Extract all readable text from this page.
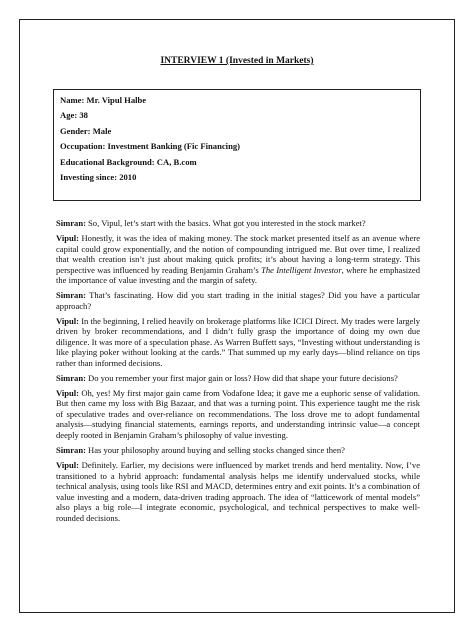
INTERVIEW 1 (Invested in Markets)
Name: Mr. Vipul Halbe
Age: 38
Gender: Male
Occupation: Investment Banking (Fic Financing)
Educational Background: CA, B.com
Investing since: 2010

Simran: So, Vipul, let’s start with the basics. What got you interested in the stock market?

Vipul: Honestly, it was the idea of making money. The stock market presented itself as an avenue where capital could grow exponentially, and the notion of compounding intrigued me. But over time, I realized that wealth creation isn’t just about making quick profits; it’s about having a long-term strategy. This perspective was influenced by reading Benjamin Graham’s The Intelligent Investor, where he emphasized the importance of value investing and the margin of safety.

Simran: That’s fascinating. How did you start trading in the initial stages? Did you have a particular approach?

Vipul: In the beginning, I relied heavily on brokerage platforms like ICICI Direct. My trades were largely driven by broker recommendations, and I didn’t fully grasp the importance of doing my own due diligence. It was more of a speculation phase. As Warren Buffett says, “Investing without understanding is like playing poker without looking at the cards.” That summed up my early days—blind reliance on tips rather than informed decisions.

Simran: Do you remember your first major gain or loss? How did that shape your future decisions?

Vipul: Oh, yes! My first major gain came from Vodafone Idea; it gave me a euphoric sense of validation. But then came my loss with Big Bazaar, and that was a turning point. This experience taught me the risk of speculative trades and over-reliance on recommendations. The loss drove me to adopt fundamental analysis—studying financial statements, earnings reports, and understanding intrinsic value—a concept deeply rooted in Benjamin Graham’s philosophy of value investing.

Simran: Has your philosophy around buying and selling stocks changed since then?

Vipul: Definitely. Earlier, my decisions were influenced by market trends and herd mentality. Now, I’ve transitioned to a hybrid approach: fundamental analysis helps me identify undervalued stocks, while technical analysis, using tools like RSI and MACD, determines entry and exit points. It’s a combination of value investing and a modern, data-driven trading approach. The idea of “latticework of mental models” also plays a big role—I integrate economic, psychological, and technical perspectives to make well-rounded decisions.
